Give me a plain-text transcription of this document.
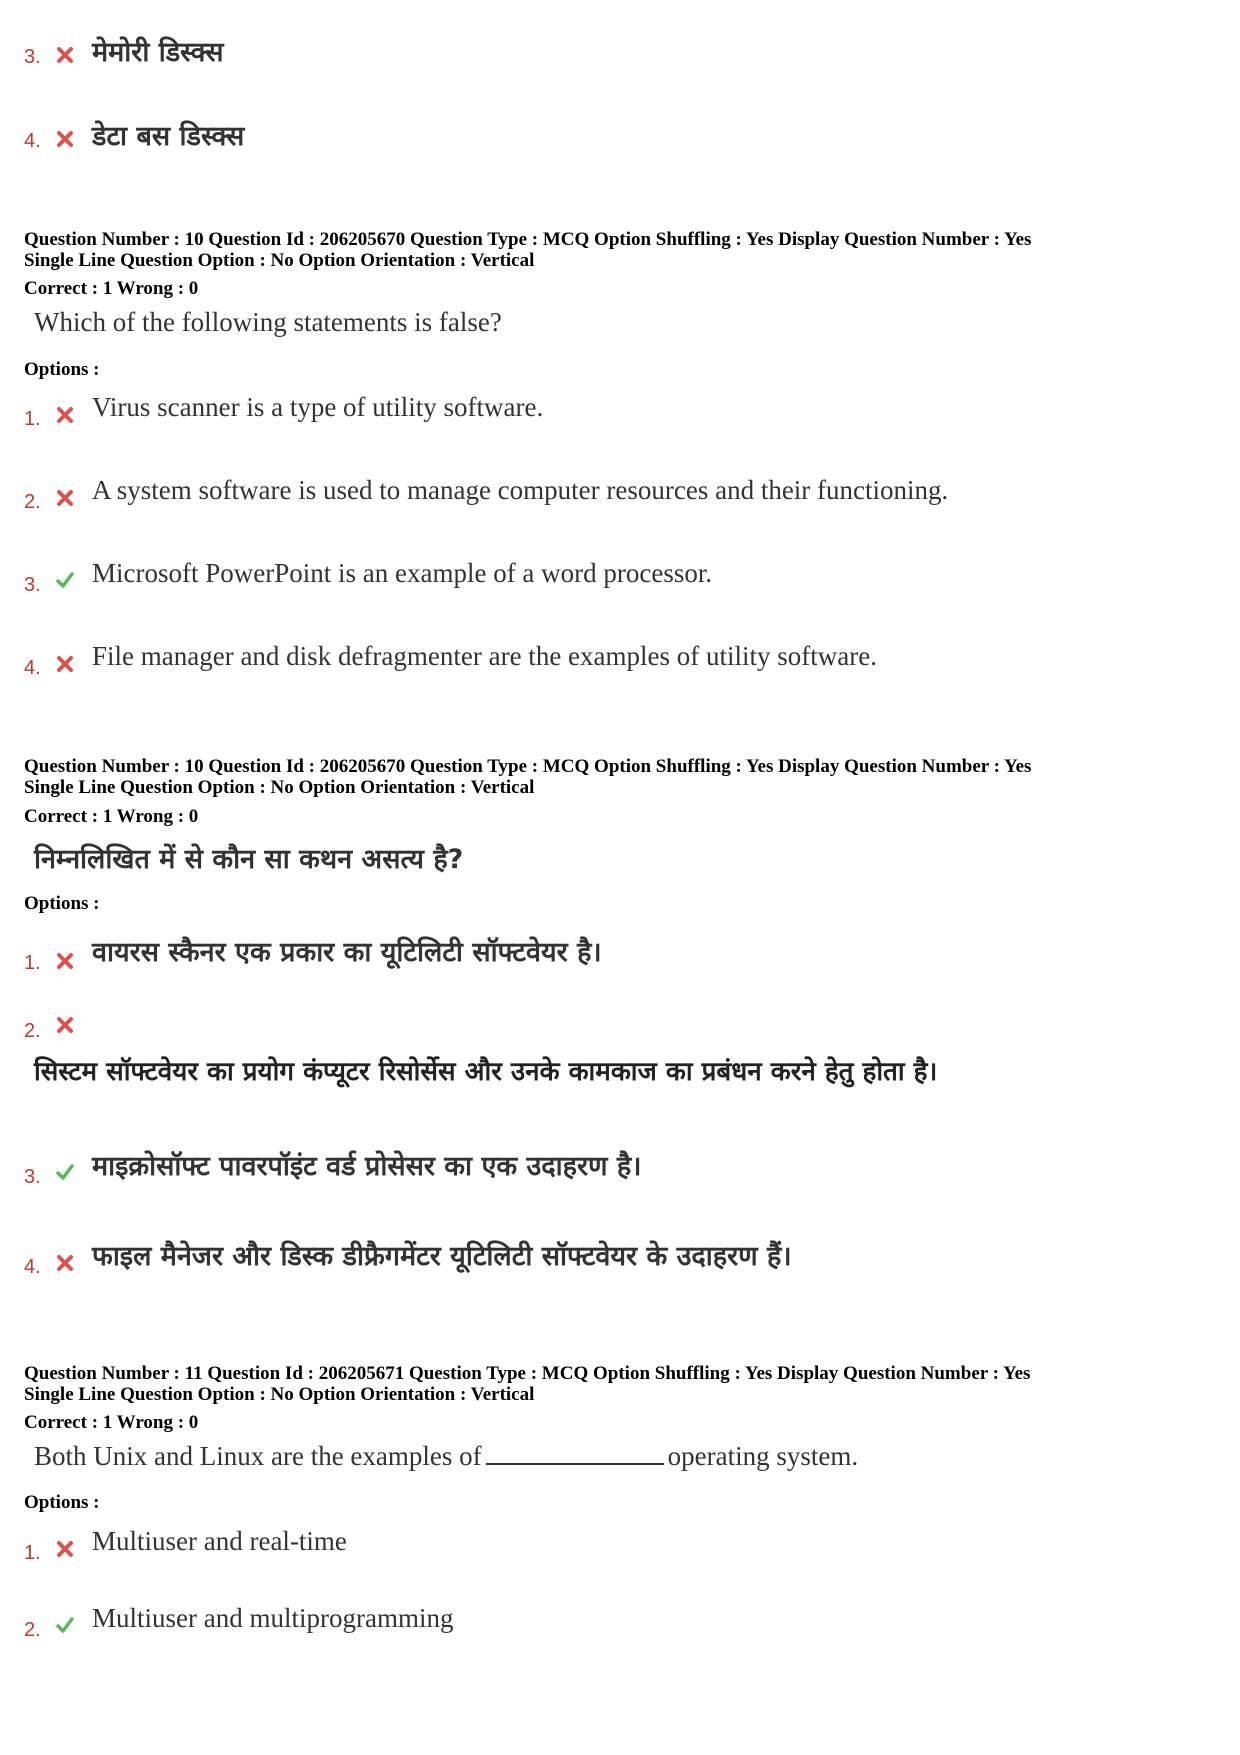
3. मेमोरी डिस्क्स
4. डेटा बस डिस्क्स
Question Number : 10 Question Id : 206205670 Question Type : MCQ Option Shuffling : Yes Display Question Number : Yes
Single Line Question Option : No Option Orientation : Vertical
Correct : 1 Wrong : 0
Which of the following statements is false?
Options :
1. Virus scanner is a type of utility software.
2. A system software is used to manage computer resources and their functioning.
3. Microsoft PowerPoint is an example of a word processor.
4. File manager and disk defragmenter are the examples of utility software.
Question Number : 10 Question Id : 206205670 Question Type : MCQ Option Shuffling : Yes Display Question Number : Yes
Single Line Question Option : No Option Orientation : Vertical
Correct : 1 Wrong : 0
निम्नलिखित में से कौन सा कथन असत्य है?
Options :
1. वायरस स्कैनर एक प्रकार का यूटिलिटी सॉफ्टवेयर है।
2.
सिस्टम सॉफ्टवेयर का प्रयोग कंप्यूटर रिसोर्सेस और उनके कामकाज का प्रबंधन करने हेतु होता है।
3. माइक्रोसॉफ्ट पावरपॉइंट वर्ड प्रोसेसर का एक उदाहरण है।
4. फाइल मैनेजर और डिस्क डीफ्रैगमेंटर यूटिलिटी सॉफ्टवेयर के उदाहरण हैं।
Question Number : 11 Question Id : 206205671 Question Type : MCQ Option Shuffling : Yes Display Question Number : Yes
Single Line Question Option : No Option Orientation : Vertical
Correct : 1 Wrong : 0
Both Unix and Linux are the examples of	operating system.
Options :
1. Multiuser and real-time
2. Multiuser and multiprogramming
